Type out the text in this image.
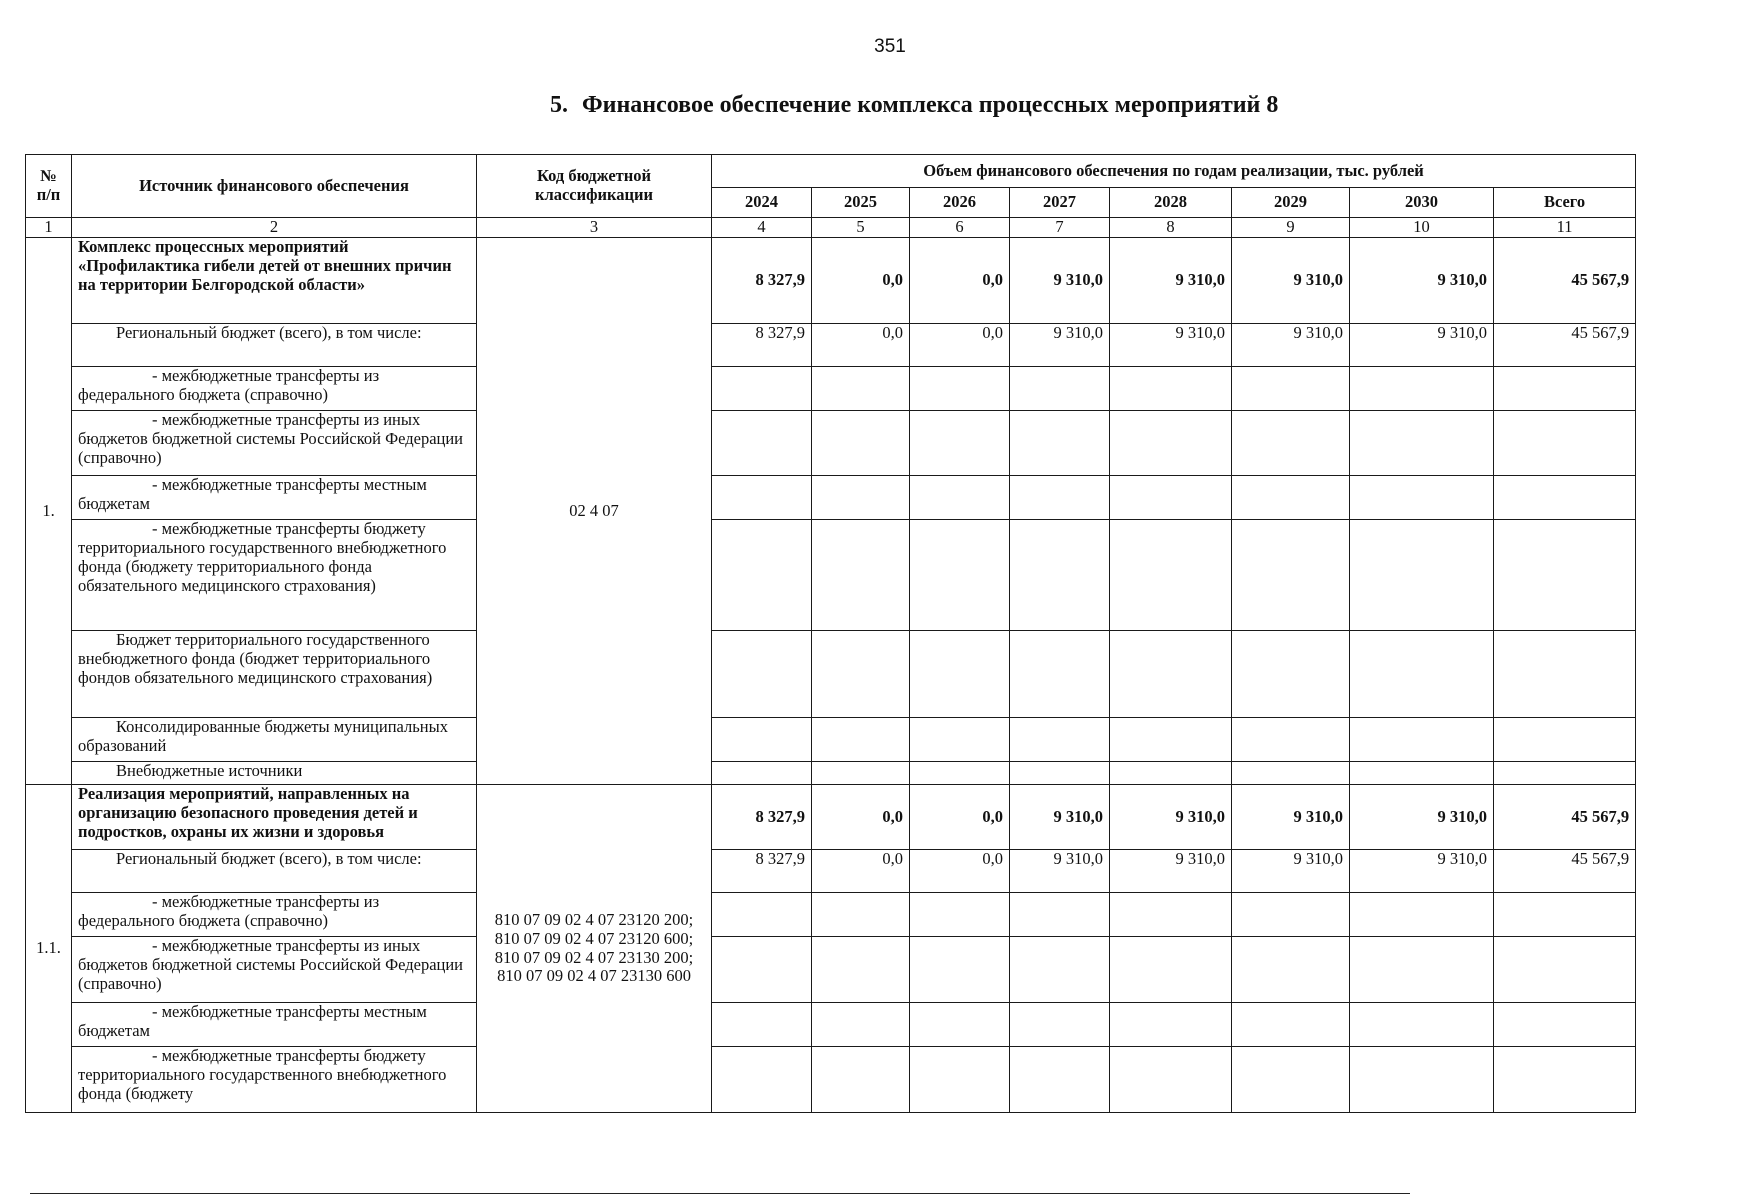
351
5. Финансовое обеспечение комплекса процессных мероприятий 8
№ п/п	Источник финансового обеспечения	Код бюджетной классификации	Объем финансового обеспечения по годам реализации, тыс. рублей							
			2024	2025	2026	2027	2028	2029	2030	Всего
1	2	3	4	5	6	7	8	9	10	11
1.	Комплекс процессных мероприятий «Профилактика гибели детей от внешних причин на территории Белгородской области»	02 4 07	8 327,9	0,0	0,0	9 310,0	9 310,0	9 310,0	9 310,0	45 567,9
	Региональный бюджет (всего), в том числе:		8 327,9	0,0	0,0	9 310,0	9 310,0	9 310,0	9 310,0	45 567,9
	- межбюджетные трансферты из федерального бюджета (справочно)									
	- межбюджетные трансферты из иных бюджетов бюджетной системы Российской Федерации (справочно)									
	- межбюджетные трансферты местным бюджетам									
	- межбюджетные трансферты бюджету территориального государственного внебюджетного фонда (бюджету территориального фонда обязательного медицинского страхования)									
	Бюджет территориального государственного внебюджетного фонда (бюджет территориального фондов обязательного медицинского страхования)									
	Консолидированные бюджеты муниципальных образований									
	Внебюджетные источники									
1.1.	Реализация мероприятий, направленных на организацию безопасного проведения детей и подростков, охраны их жизни и здоровья	810 07 09 02 4 07 23120 200; 810 07 09 02 4 07 23120 600; 810 07 09 02 4 07 23130 200; 810 07 09 02 4 07 23130 600	8 327,9	0,0	0,0	9 310,0	9 310,0	9 310,0	9 310,0	45 567,9
	Региональный бюджет (всего), в том числе:		8 327,9	0,0	0,0	9 310,0	9 310,0	9 310,0	9 310,0	45 567,9
	- межбюджетные трансферты из федерального бюджета (справочно)									
	- межбюджетные трансферты из иных бюджетов бюджетной системы Российской Федерации (справочно)									
	- межбюджетные трансферты местным бюджетам									
	- межбюджетные трансферты бюджету территориального государственного внебюджетного фонда (бюджету									
